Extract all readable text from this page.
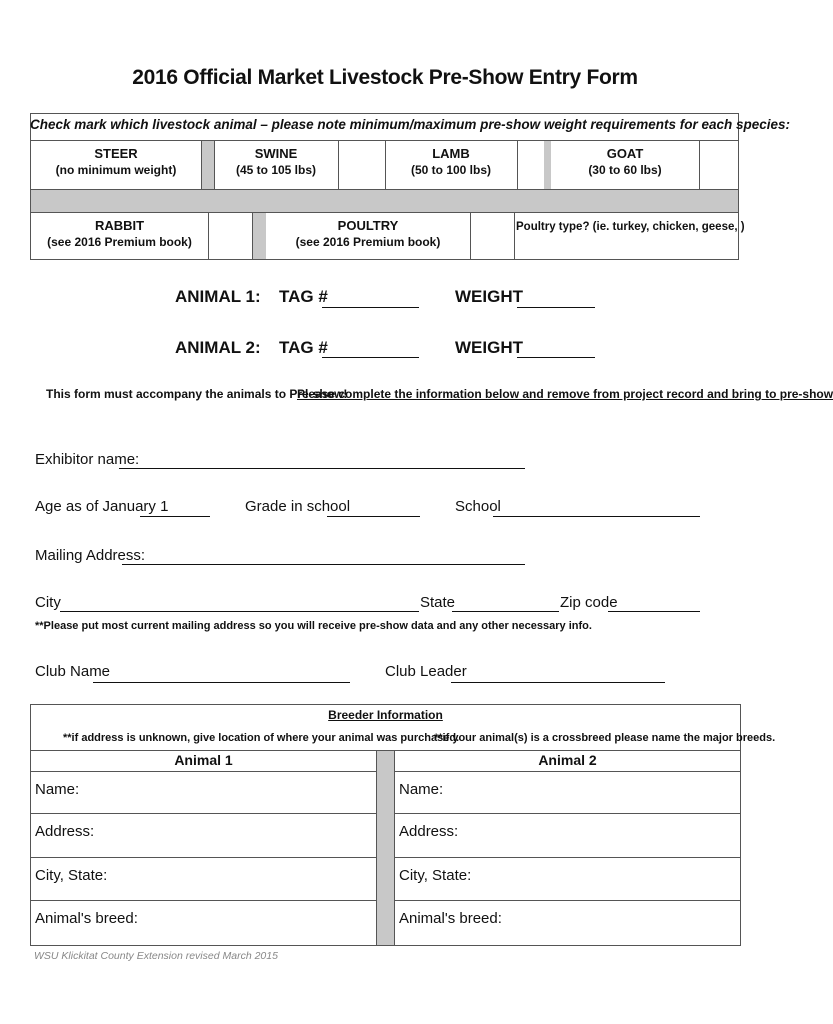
2016 Official Market Livestock Pre-Show Entry Form
Check mark which livestock animal – please note minimum/maximum pre-show weight requirements for each species:
STEER
(no minimum weight)
SWINE
(45 to 105 lbs)
LAMB
(50 to 100 lbs)
GOAT
(30 to 60 lbs)
RABBIT
(see 2016 Premium book)
POULTRY
(see 2016 Premium book)
Poultry type? (ie. turkey, chicken, geese, )
ANIMAL 1: TAG #	WEIGHT
ANIMAL 2: TAG #	WEIGHT
This form must accompany the animals to Pre-show!
Please complete the information below and remove from project record and bring to pre-show
Exhibitor name:
Age as of January 1	Grade in school	School
Mailing Address:
City	State	Zip code
**Please put most current mailing address so you will receive pre-show data and any other necessary info.
Club Name	Club Leader
Breeder Information
**if address is unknown, give location of where your animal was purchased.
**if your animal(s) is a crossbreed please name the major breeds.
Animal 1	Animal 2
Name:	Name:
Address:	Address:
City, State:	City, State:
Animal's breed:	Animal's breed:
WSU Klickitat County Extension revised March 2015
